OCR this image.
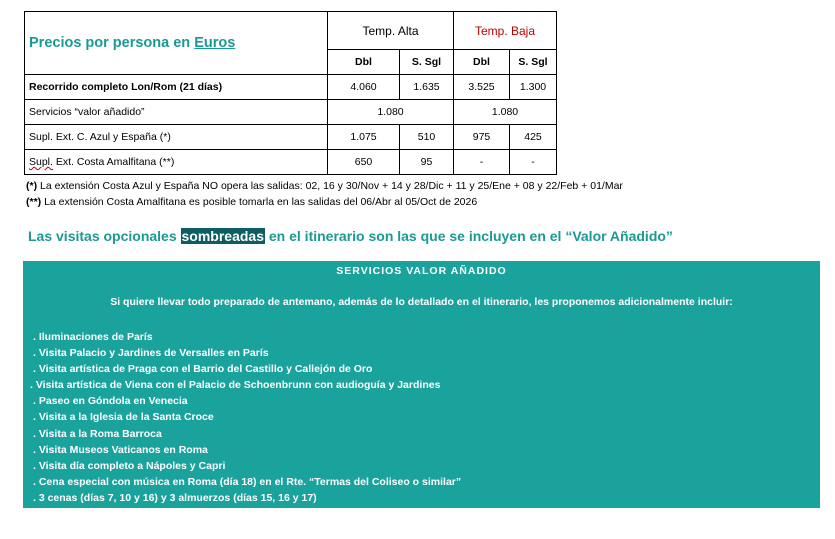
Precios por persona en Euros	Temp. Alta		Temp. Baja	
	Dbl	S. Sgl	Dbl	S. Sgl
Recorrido completo Lon/Rom (21 días)	4.060	1.635	3.525	1.300
Servicios “valor añadido”	1.080		1.080	
Supl. Ext. C. Azul y España (*)	1.075	510	975	425
Supl. Ext. Costa Amalfitana (**)	650	95	-	-
(*) La extensión Costa Azul y España NO opera las salidas: 02, 16 y 30/Nov + 14 y 28/Dic + 11 y 25/Ene + 08 y 22/Feb + 01/Mar
(**) La extensión Costa Amalfitana es posible tomarla en las salidas del 06/Abr al 05/Oct de 2026
Las visitas opcionales sombreadas en el itinerario son las que se incluyen en el “Valor Añadido”
SERVICIOS VALOR AÑADIDO
Si quiere llevar todo preparado de antemano, además de lo detallado en el itinerario, les proponemos adicionalmente incluir:
. Iluminaciones de París
. Visita Palacio y Jardines de Versalles en París
. Visita artística de Praga con el Barrio del Castillo y Callejón de Oro
. Visita artística de Viena con el Palacio de Schoenbrunn con audioguía y Jardines
. Paseo en Góndola en Venecia
. Visita a la Iglesia de la Santa Croce
. Visita a la Roma Barroca
. Visita Museos Vaticanos en Roma
. Visita día completo a Nápoles y Capri
. Cena especial con música en Roma (día 18) en el Rte. “Termas del Coliseo o similar”
. 3 cenas (días 7, 10 y 16) y 3 almuerzos (días 15, 16 y 17)
